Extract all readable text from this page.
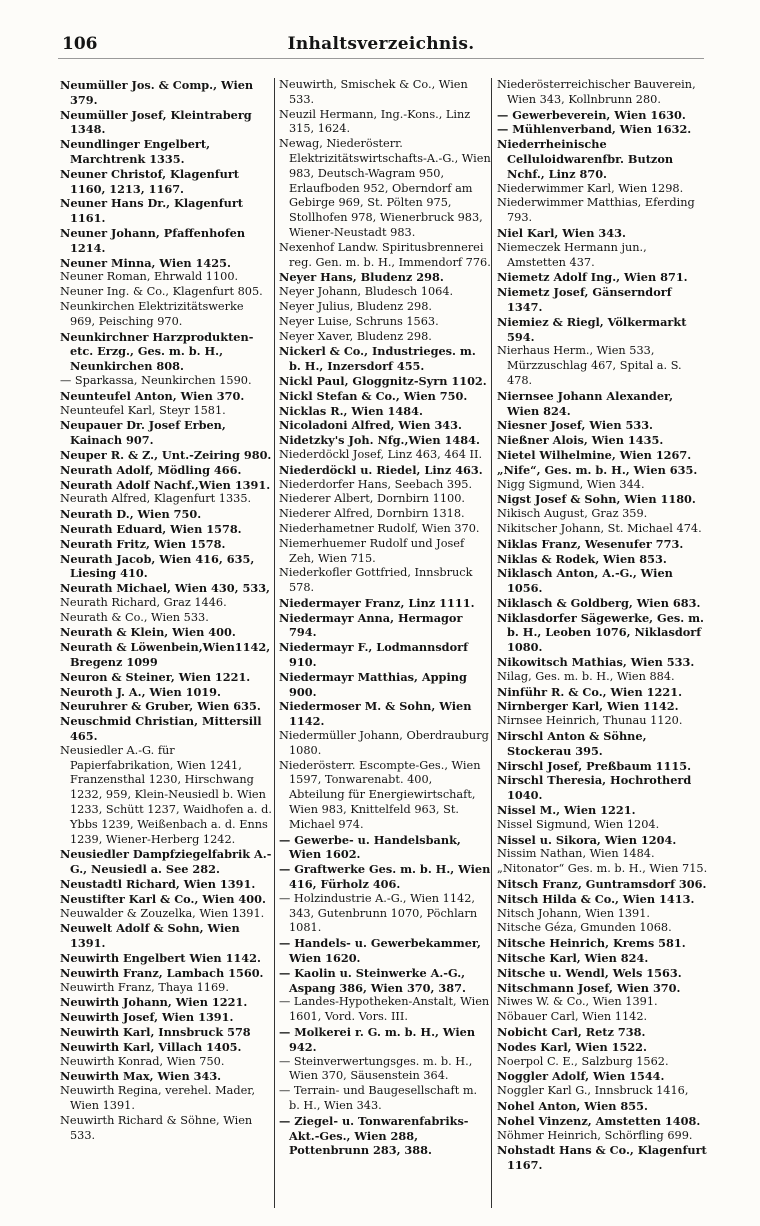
106	Inhaltsverzeichnis.
Neumüller Jos. & Comp., Wien 379.
Neumüller Josef, Kleintraberg 1348.
Neundlinger Engelbert, Marchtrenk 1335.
Neuner Christof, Klagenfurt 1160, 1213, 1167.
Neuner Hans Dr., Klagenfurt 1161.
Neuner Johann, Pfaffenhofen 1214.
Neuner Minna, Wien 1425.
Neuner Roman, Ehrwald 1100.
Neuner Ing. & Co., Klagenfurt 805.
Neunkirchen Elektrizitätswerke 969, Peisching 970.
Neunkirchner Harzprodukten- etc. Erzg., Ges. m. b. H., Neunkirchen 808.
— Sparkassa, Neunkirchen 1590.
Neunteufel Anton, Wien 370.
Neunteufel Karl, Steyr 1581.
Neupauer Dr. Josef Erben, Kainach 907.
Neuper R. & Z., Unt.-Zeiring 980.
Neurath Adolf, Mödling 466.
Neurath Adolf Nachf.,Wien 1391.
Neurath Alfred, Klagenfurt 1335.
Neurath D., Wien 750.
Neurath Eduard, Wien 1578.
Neurath Fritz, Wien 1578.
Neurath Jacob, Wien 416, 635, Liesing 410.
Neurath Michael, Wien 430, 533,
Neurath Richard, Graz 1446.
Neurath & Co., Wien 533.
Neurath & Klein, Wien 400.
Neurath & Löwenbein,Wien1142, Bregenz 1099
Neuron & Steiner, Wien 1221.
Neuroth J. A., Wien 1019.
Neuruhrer & Gruber, Wien 635.
Neuschmid Christian, Mittersill 465.
Neusiedler A.-G. für Papierfabrikation, Wien 1241, Franzensthal 1230, Hirschwang 1232, 959, Klein-Neusiedl b. Wien 1233, Schütt 1237, Waidhofen a. d. Ybbs 1239, Weißenbach a. d. Enns 1239, Wiener-Herberg 1242.
Neusiedler Dampfziegelfabrik A.-G., Neusiedl a. See 282.
Neustadtl Richard, Wien 1391.
Neustifter Karl & Co., Wien 400.
Neuwalder & Zouzelka, Wien 1391.
Neuwelt Adolf & Sohn, Wien 1391.
Neuwirth Engelbert Wien 1142.
Neuwirth Franz, Lambach 1560.
Neuwirth Franz, Thaya 1169.
Neuwirth Johann, Wien 1221.
Neuwirth Josef, Wien 1391.
Neuwirth Karl, Innsbruck 578
Neuwirth Karl, Villach 1405.
Neuwirth Konrad, Wien 750.
Neuwirth Max, Wien 343.
Neuwirth Regina, verehel. Mader, Wien 1391.
Neuwirth Richard & Söhne, Wien 533.
Neuwirth, Smischek & Co., Wien 533.
Neuzil Hermann, Ing.-Kons., Linz 315, 1624.
Newag, Niederösterr. Elektrizitätswirtschafts-A.-G., Wien 983, Deutsch-Wagram 950, Erlaufboden 952, Oberndorf am Gebirge 969, St. Pölten 975, Stollhofen 978, Wienerbruck 983, Wiener-Neustadt 983.
Nexenhof Landw. Spiritusbrennerei reg. Gen. m. b. H., Immendorf 776.
Neyer Hans, Bludenz 298.
Neyer Johann, Bludesch 1064.
Neyer Julius, Bludenz 298.
Neyer Luise, Schruns 1563.
Neyer Xaver, Bludenz 298.
Nickerl & Co., Industrieges. m. b. H., Inzersdorf 455.
Nickl Paul, Gloggnitz-Syrn 1102.
Nickl Stefan & Co., Wien 750.
Nicklas R., Wien 1484.
Nicoladoni Alfred, Wien 343.
Nidetzky's Joh. Nfg.,Wien 1484.
Niederdöckl Josef, Linz 463, 464 II.
Niederdöckl u. Riedel, Linz 463.
Niederdorfer Hans, Seebach 395.
Niederer Albert, Dornbirn 1100.
Niederer Alfred, Dornbirn 1318.
Niederhametner Rudolf, Wien 370.
Niemerhuemer Rudolf und Josef Zeh, Wien 715.
Niederkofler Gottfried, Innsbruck 578.
Niedermayer Franz, Linz 1111.
Niedermayr Anna, Hermagor 794.
Niedermayr F., Lodmannsdorf 910.
Niedermayr Matthias, Apping 900.
Niedermoser M. & Sohn, Wien 1142.
Niedermüller Johann, Oberdrauburg 1080.
Niederösterr. Escompte-Ges., Wien 1597, Tonwarenabt. 400, Abteilung für Energiewirtschaft, Wien 983, Knittelfeld 963, St. Michael 974.
— Gewerbe- u. Handelsbank, Wien 1602.
— Graftwerke Ges. m. b. H., Wien 416, Fürholz 406.
— Holzindustrie A.-G., Wien 1142, 343, Gutenbrunn 1070, Pöchlarn 1081.
— Handels- u. Gewerbekammer, Wien 1620.
— Kaolin u. Steinwerke A.-G., Aspang 386, Wien 370, 387.
— Landes-Hypotheken-Anstalt, Wien 1601, Vord. Vors. III.
— Molkerei r. G. m. b. H., Wien 942.
— Steinverwertungsges. m. b. H., Wien 370, Säusenstein 364.
— Terrain- und Baugesellschaft m. b. H., Wien 343.
— Ziegel- u. Tonwarenfabriks-Akt.-Ges., Wien 288, Pottenbrunn 283, 388.
Niederösterreichischer Bauverein, Wien 343, Kollnbrunn 280.
— Gewerbeverein, Wien 1630.
— Mühlenverband, Wien 1632.
Niederrheinische Celluloidwarenfbr. Butzon Nchf., Linz 870.
Niederwimmer Karl, Wien 1298.
Niederwimmer Matthias, Eferding 793.
Niel Karl, Wien 343.
Niemeczek Hermann jun., Amstetten 437.
Niemetz Adolf Ing., Wien 871.
Niemetz Josef, Gänserndorf 1347.
Niemiez & Riegl, Völkermarkt 594.
Nierhaus Herm., Wien 533, Mürzzuschlag 467, Spital a. S. 478.
Niernsee Johann Alexander, Wien 824.
Niesner Josef, Wien 533.
Nießner Alois, Wien 1435.
Nietel Wilhelmine, Wien 1267.
„Nife“, Ges. m. b. H., Wien 635.
Nigg Sigmund, Wien 344.
Nigst Josef & Sohn, Wien 1180.
Nikisch August, Graz 359.
Nikitscher Johann, St. Michael 474.
Niklas Franz, Wesenufer 773.
Niklas & Rodek, Wien 853.
Niklasch Anton, A.-G., Wien 1056.
Niklasch & Goldberg, Wien 683.
Niklasdorfer Sägewerke, Ges. m. b. H., Leoben 1076, Niklasdorf 1080.
Nikowitsch Mathias, Wien 533.
Nilag, Ges. m. b. H., Wien 884.
Ninführ R. & Co., Wien 1221.
Nirnberger Karl, Wien 1142.
Nirnsee Heinrich, Thunau 1120.
Nirschl Anton & Söhne, Stockerau 395.
Nirschl Josef, Preßbaum 1115.
Nirschl Theresia, Hochrotherd 1040.
Nissel M., Wien 1221.
Nissel Sigmund, Wien 1204.
Nissel u. Sikora, Wien 1204.
Nissim Nathan, Wien 1484.
„Nitonator“ Ges. m. b. H., Wien 715.
Nitsch Franz, Guntramsdorf 306.
Nitsch Hilda & Co., Wien 1413.
Nitsch Johann, Wien 1391.
Nitsche Géza, Gmunden 1068.
Nitsche Heinrich, Krems 581.
Nitsche Karl, Wien 824.
Nitsche u. Wendl, Wels 1563.
Nitschmann Josef, Wien 370.
Niwes W. & Co., Wien 1391.
Nöbauer Carl, Wien 1142.
Nobicht Carl, Retz 738.
Nodes Karl, Wien 1522.
Noerpol C. E., Salzburg 1562.
Noggler Adolf, Wien 1544.
Noggler Karl G., Innsbruck 1416,
Nohel Anton, Wien 855.
Nohel Vinzenz, Amstetten 1408.
Nöhmer Heinrich, Schörfling 699.
Nohstadt Hans & Co., Klagenfurt 1167.
